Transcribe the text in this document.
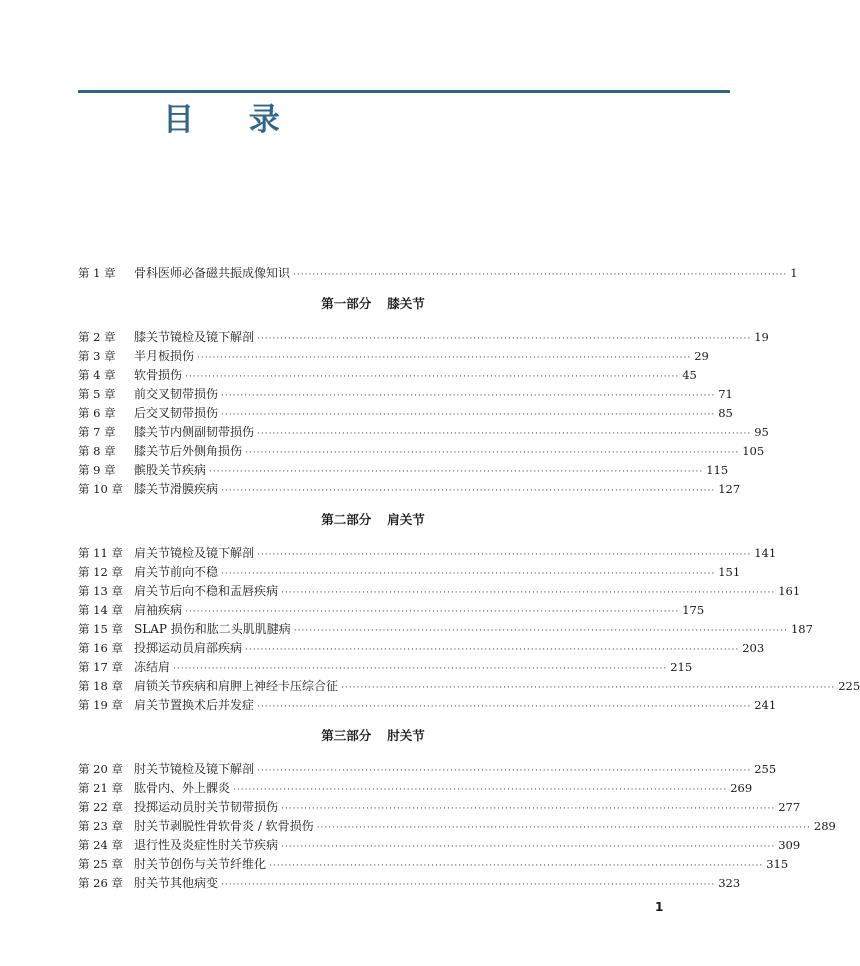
目 录
第 1 章	骨科医师必备磁共振成像知识 ································································································································ 1
第一部分 膝关节
第 2 章	膝关节镜检及镜下解剖 ································································································································ 19
第 3 章	半月板损伤 ································································································································ 29
第 4 章	软骨损伤 ································································································································ 45
第 5 章	前交叉韧带损伤 ································································································································ 71
第 6 章	后交叉韧带损伤 ································································································································ 85
第 7 章	膝关节内侧副韧带损伤 ································································································································ 95
第 8 章	膝关节后外侧角损伤 ································································································································ 105
第 9 章	髌股关节疾病 ································································································································ 115
第 10 章 膝关节滑膜疾病 ································································································································ 127
第二部分 肩关节
第 11 章 肩关节镜检及镜下解剖 ································································································································ 141
第 12 章 肩关节前向不稳 ································································································································ 151
第 13 章 肩关节后向不稳和盂唇疾病 ································································································································ 161
第 14 章 肩袖疾病 ································································································································ 175
第 15 章 SLAP 损伤和肱二头肌肌腱病 ································································································································ 187
第 16 章 投掷运动员肩部疾病 ································································································································ 203
第 17 章 冻结肩 ································································································································ 215
第 18 章 肩锁关节疾病和肩胛上神经卡压综合征 ································································································································ 225
第 19 章 肩关节置换术后并发症 ································································································································ 241
第三部分 肘关节
第 20 章 肘关节镜检及镜下解剖 ································································································································ 255
第 21 章 肱骨内、外上髁炎 ································································································································ 269
第 22 章 投掷运动员肘关节韧带损伤 ································································································································ 277
第 23 章 肘关节剥脱性骨软骨炎 / 软骨损伤 ································································································································ 289
第 24 章 退行性及炎症性肘关节疾病 ································································································································ 309
第 25 章 肘关节创伤与关节纤维化 ································································································································ 315
第 26 章 肘关节其他病变 ································································································································ 323
1
